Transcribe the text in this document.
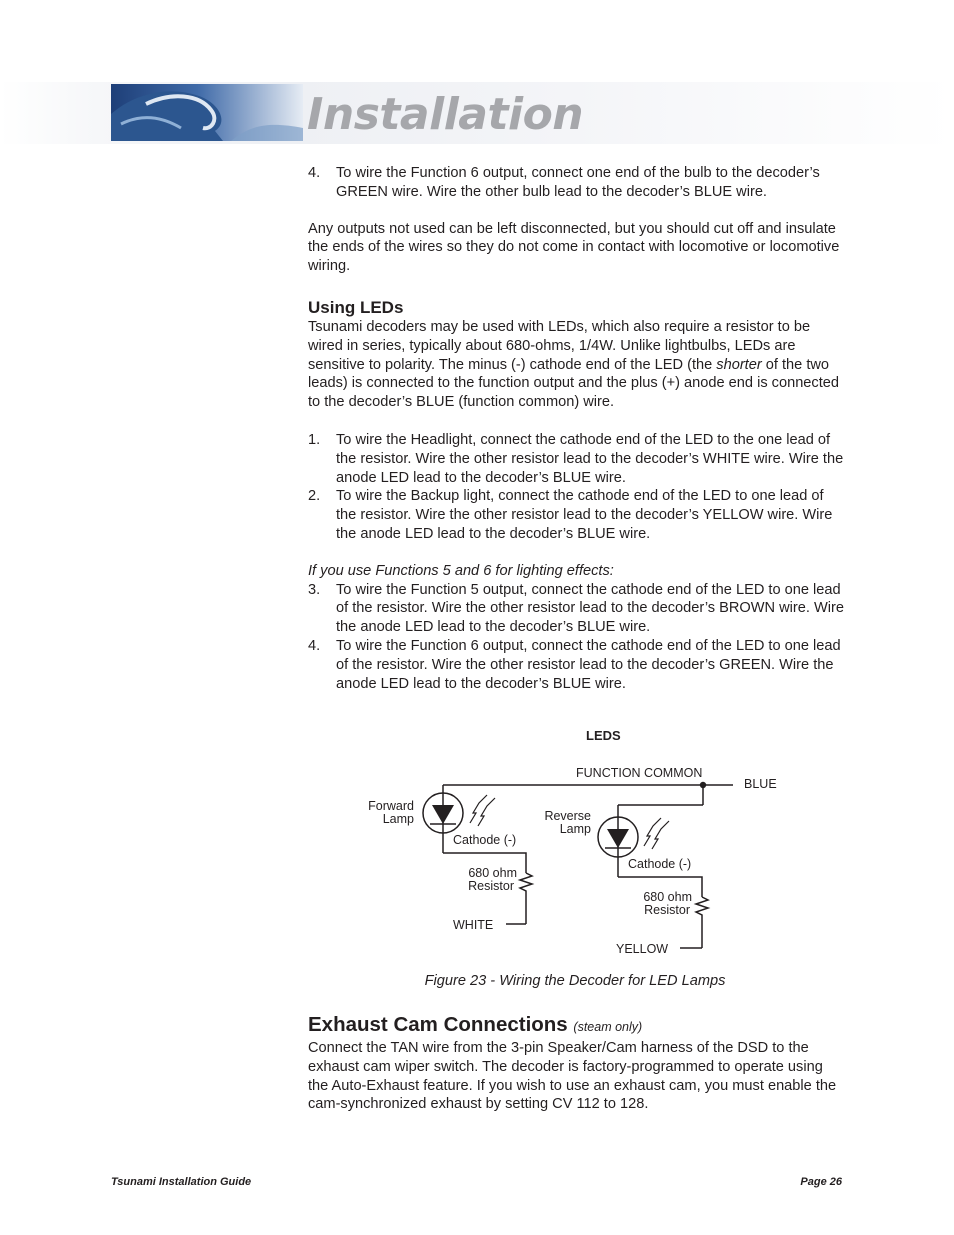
Installation
4. To wire the Function 6 output, connect one end of the bulb to the decoder’s GREEN wire. Wire the other bulb lead to the decoder’s BLUE wire.

Any outputs not used can be left disconnected, but you should cut off and insulate the ends of the wires so they do not come in contact with locomotive or locomotive wiring.

Using LEDs

Tsunami decoders may be used with LEDs, which also require a resistor to be wired in series, typically about 680-ohms, 1/4W. Unlike lightbulbs, LEDs are sensitive to polarity. The minus (-) cathode end of the LED (the shorter of the two leads) is connected to the function output and the plus (+) anode end is connected to the decoder’s BLUE (function common) wire.

1. To wire the Headlight, connect the cathode end of the LED to the one lead of the resistor. Wire the other resistor lead to the decoder’s WHITE wire. Wire the anode LED lead to the decoder’s BLUE wire.
2. To wire the Backup light, connect the cathode end of the LED to one lead of the resistor. Wire the other resistor lead to the decoder’s YELLOW wire. Wire the anode LED lead to the decoder’s BLUE wire.

If you use Functions 5 and 6 for lighting effects:

3. To wire the Function 5 output, connect the cathode end of the LED to one lead of the resistor. Wire the other resistor lead to the decoder’s BROWN wire. Wire the anode LED lead to the decoder’s BLUE wire.
4. To wire the Function 6 output, connect the cathode end of the LED to one lead of the resistor. Wire the other resistor lead to the decoder’s GREEN. Wire the anode LED lead to the decoder’s BLUE wire.
LEDS
FUNCTION COMMON
BLUE
Forward
Lamp
Cathode (-)
680 ohm
Resistor
WHITE
Reverse
Lamp
Cathode (-)
680 ohm
Resistor
YELLOW

Figure 23 - Wiring the Decoder for LED Lamps

Exhaust Cam Connections (steam only)

Connect the TAN wire from the 3-pin Speaker/Cam harness of the DSD to the exhaust cam wiper switch. The decoder is factory-programmed to operate using the Auto-Exhaust feature. If you wish to use an exhaust cam, you must enable the cam-synchronized exhaust by setting CV 112 to 128.

Tsunami Installation Guide	Page 26
